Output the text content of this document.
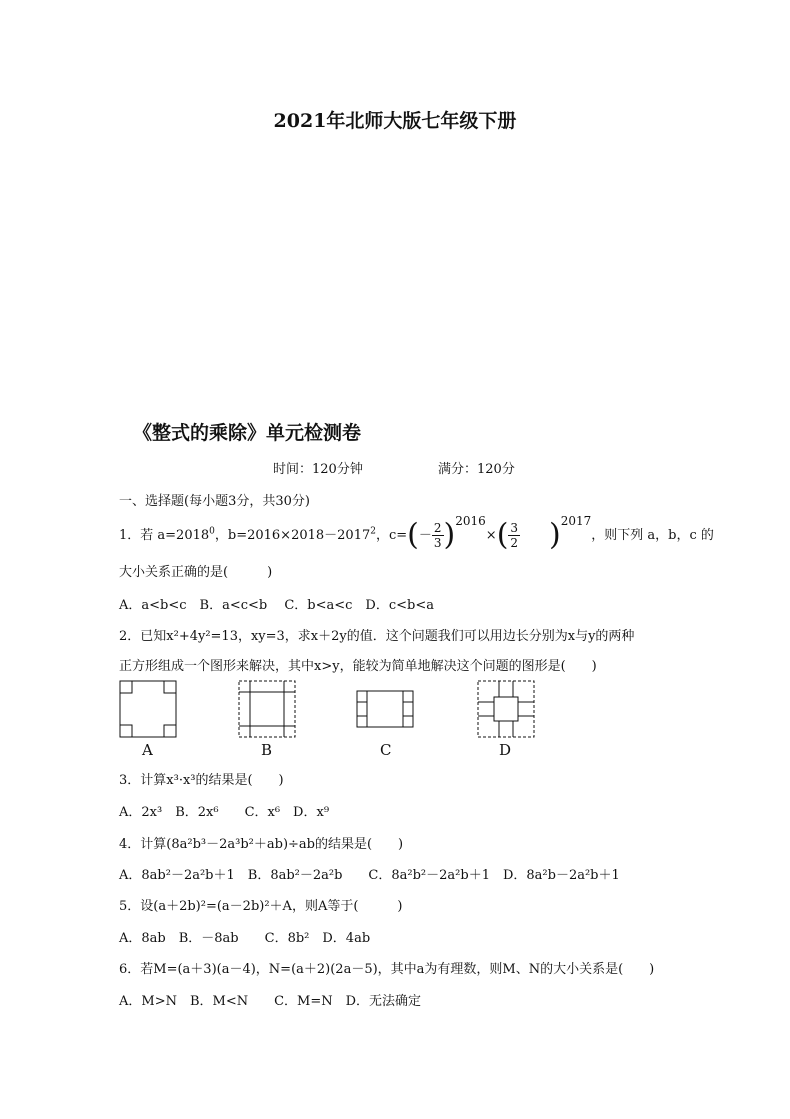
2021年北师大版七年级下册
《整式的乘除》单元检测卷
时间：120分钟	满分：120分
一、选择题(每小题3分，共30分)
1．若 $a=2018^0$，$b=2016\times 2018-2017^2$，$c=(- \frac{2}{3} )2016\times( \frac{3}{2} )2017$，则下列 a，b，c 的
大小关系正确的是(　　　)
A．a<b<c　B．a<c<b　 C．b<a<c　D．c<b<a
2．已知x²+4y²=13，xy=3，求x＋2y的值．这个问题我们可以用边长分别为x与y的两种
正方形组成一个图形来解决，其中x>y，能较为简单地解决这个问题的图形是(　　)
A	B	C	D
3．计算x³·x³的结果是(　　)
A．2x³　B．2x⁶　　C．x⁶　D．x⁹
4．计算(8a²b³－2a³b²＋ab)÷ab的结果是(　　)
A．8ab²－2a²b＋1　B．8ab²－2a²b　　C．8a²b²－2a²b＋1　D．8a²b－2a²b＋1
5．设(a＋2b)²=(a－2b)²＋A，则A等于(　　　)
A．8ab　B．－8ab　　C．8b²　D．4ab
6．若M=(a＋3)(a－4)，N=(a＋2)(2a－5)，其中a为有理数，则M、N的大小关系是(　　)
A．M>N　B．M<N　　C．M=N　D．无法确定
